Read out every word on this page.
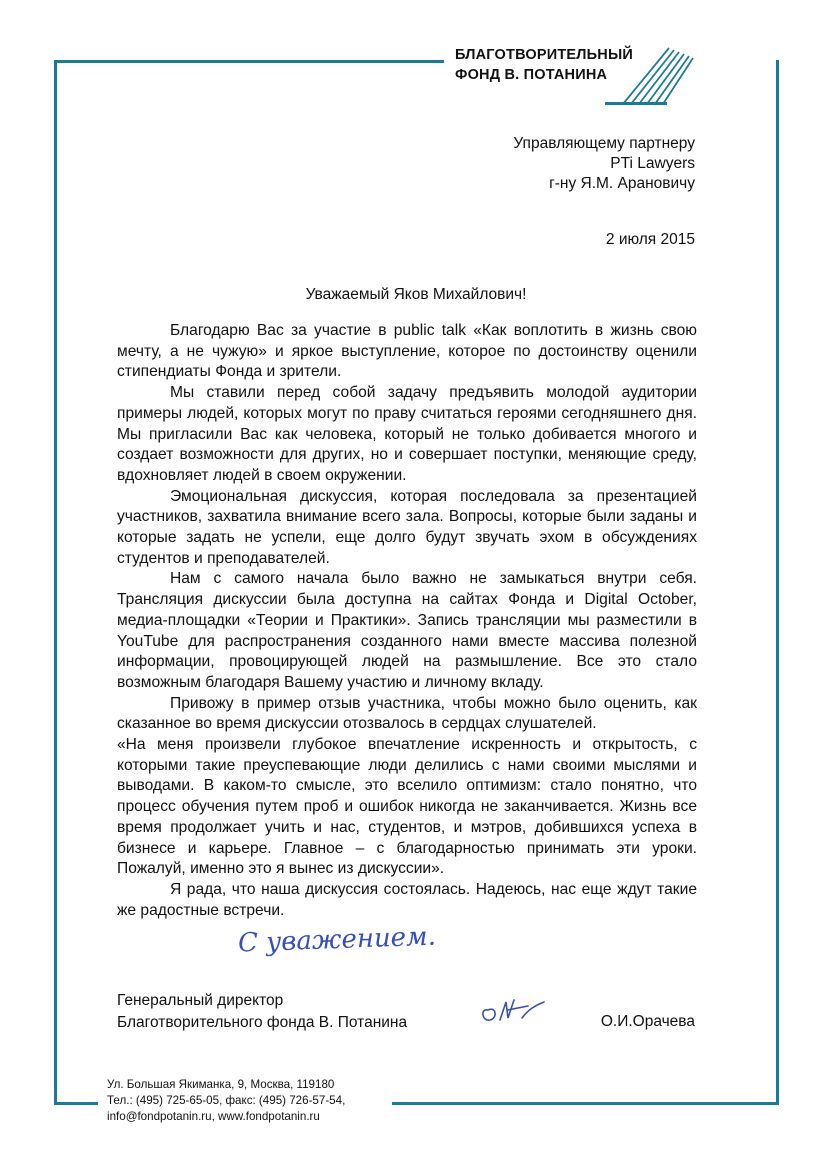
БЛАГОТВОРИТЕЛЬНЫЙ
ФОНД В. ПОТАНИНА
Управляющему партнеру
PTi Lawyers
г-ну Я.М. Арановичу
2 июля 2015
Уважаемый Яков Михайлович!

Благодарю Вас за участие в public talk «Как воплотить в жизнь свою мечту, а не чужую» и яркое выступление, которое по достоинству оценили стипендиаты Фонда и зрители.

Мы ставили перед собой задачу предъявить молодой аудитории примеры людей, которых могут по праву считаться героями сегодняшнего дня. Мы пригласили Вас как человека, который не только добивается многого и создает возможности для других, но и совершает поступки, меняющие среду, вдохновляет людей в своем окружении.

Эмоциональная дискуссия, которая последовала за презентацией участников, захватила внимание всего зала. Вопросы, которые были заданы и которые задать не успели, еще долго будут звучать эхом в обсуждениях студентов и преподавателей.

Нам с самого начала было важно не замыкаться внутри себя. Трансляция дискуссии была доступна на сайтах Фонда и Digital October, медиа-площадки «Теории и Практики». Запись трансляции мы разместили в YouTube для распространения созданного нами вместе массива полезной информации, провоцирующей людей на размышление. Все это стало возможным благодаря Вашему участию и личному вкладу.

Привожу в пример отзыв участника, чтобы можно было оценить, как сказанное во время дискуссии отозвалось в сердцах слушателей.

«На меня произвели глубокое впечатление искренность и открытость, с которыми такие преуспевающие люди делились с нами своими мыслями и выводами. В каком-то смысле, это вселило оптимизм: стало понятно, что процесс обучения путем проб и ошибок никогда не заканчивается. Жизнь все время продолжает учить и нас, студентов, и мэтров, добившихся успеха в бизнесе и карьере. Главное – с благодарностью принимать эти уроки. Пожалуй, именно это я вынес из дискуссии».

Я рада, что наша дискуссия состоялась. Надеюсь, нас еще ждут такие же радостные встречи.

С уважением.
Генеральный директор
Благотворительного фонда В. Потанина	О.И.Орачева
Ул. Большая Якиманка, 9, Москва, 119180
Тел.: (495) 725-65-05, факс: (495) 726-57-54,
info@fondpotanin.ru, www.fondpotanin.ru
